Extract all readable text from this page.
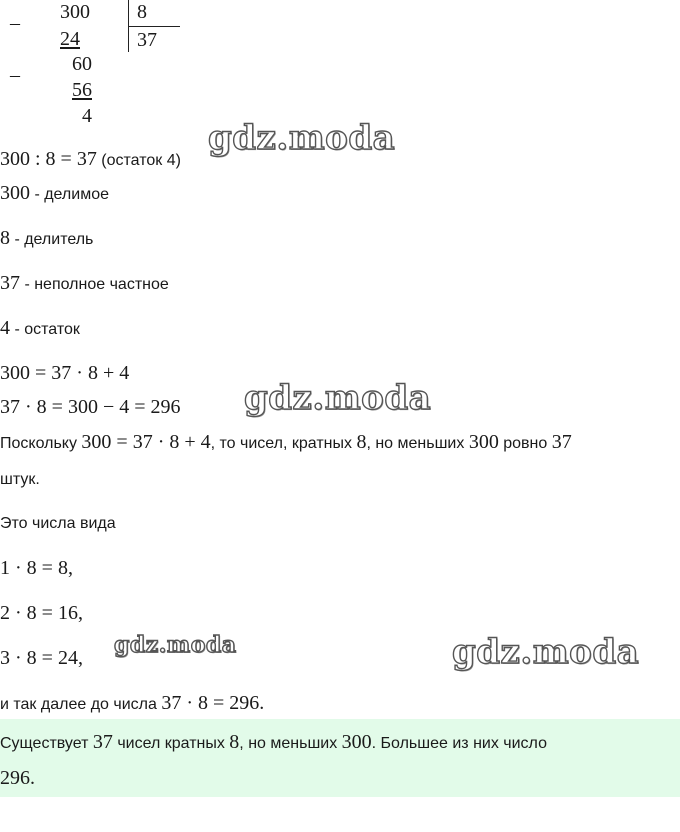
– 300 8
24	37
–	60
56
4
300 : 8 = 37 (остаток 4)
300 - делимое
8 - делитель
37 - неполное частное
4 - остаток
300 = 37 · 8 + 4
37 · 8 = 300 − 4 = 296
Поскольку 300 = 37 · 8 + 4, то чисел, кратных 8, но меньших 300 ровно 37
штук.
Это числа вида
1 · 8 = 8,
2 · 8 = 16,
3 · 8 = 24,
и так далее до числа 37 · 8 = 296.
Существует 37 чисел кратных 8, но меньших 300. Большее из них число
296.
gdz.moda
gdz.moda
gdz.moda	gdz.moda
